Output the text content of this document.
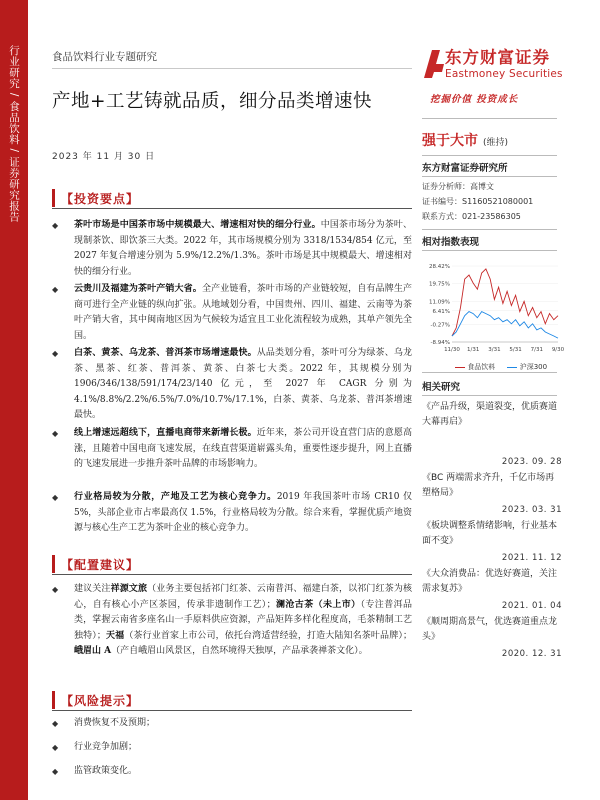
行业研究 / 食品饮料 / 证券研究报告	食品饮料行业专题研究
产地+工艺铸就品质，细分品类增速快
2023 年 11 月 30 日
【投资要点】
◆ 茶叶市场是中国茶市场中规模最大、增速相对快的细分行业。中国茶市场分为茶叶、现制茶饮、即饮茶三大类。2022 年，其市场规模分别为 3318/1534/854 亿元，至 2027 年复合增速分别为 5.9%/12.2%/1.3%。茶叶市场是其中规模最大、增速相对快的细分行业。
◆ 云贵川及福建为茶叶产销大省。全产业链看，茶叶市场的产业链较短，自有品牌生产商可进行全产业链的纵向扩张。从地域划分看，中国贵州、四川、福建、云南等为茶叶产销大省，其中闽南地区因为气候较为适宜且工业化流程较为成熟，其单产领先全国。
◆ 白茶、黄茶、乌龙茶、普洱茶市场增速最快。从品类划分看，茶叶可分为绿茶、乌龙茶、黑茶、红茶、普洱茶、黄茶、白茶七大类。2022 年，其规模分别为 1906/346/138/591/174/23/140 亿元，至 2027 年 CAGR 分别为 4.1%/8.8%/2.2%/6.5%/7.0%/10.7%/17.1%，白茶、黄茶、乌龙茶、普洱茶增速最快。
◆ 线上增速远超线下，直播电商带来新增长极。近年来，茶公司开设直营门店的意愿高涨，且随着中国电商飞速发展，在线直营渠道崭露头角，重要性逐步提升，网上直播的飞速发展进一步推升茶叶品牌的市场影响力。
◆ 行业格局较为分散，产地及工艺为核心竞争力。2019 年我国茶叶市场 CR10 仅 5%，头部企业市占率最高仅 1.5%，行业格局较为分散。综合来看，掌握优质产地资源与核心生产工艺为茶叶企业的核心竞争力。
【配置建议】
◆ 建议关注祥源文旅（业务主要包括祁门红茶、云南普洱、福建白茶，以祁门红茶为核心，自有核心小产区茶园，传承非遗制作工艺）；澜沧古茶（未上市）（专注普洱品类，掌握云南省多座名山一手原料供应资源，产品矩阵多样化程度高，毛茶精制工艺独特）；天福（茶行业首家上市公司，依托台湾适营经验，打造大陆知名茶叶品牌）；峨眉山 A（产自峨眉山风景区，自然环境得天独厚，产品承袭禅茶文化）。
【风险提示】
◆ 消费恢复不及预期；
◆ 行业竞争加剧；
◆ 监管政策变化。
东方财富证券
Eastmoney Securities
挖掘价值 投资成长
强于大市 (维持)
东方财富证券研究所
证券分析师：高博文
证书编号：S1160521080001
联系方式：021-23586305
相对指数表现
28.42%
19.75%
11.09%
6.41%
-0.27%
-8.94%
11/30 1/31 3/31 5/31 7/31 9/30
食品饮料	沪深300
相关研究
《产品升级，渠道裂变，优质赛道大幕再启》
2023. 09. 28
《BC 两端需求齐升，千亿市场再塑格局》
2023. 03. 31
《板块调整系情绪影响，行业基本面不变》
2021. 11. 12
《大众消费品：优选好赛道，关注需求复苏》
2021. 01. 04
《顺周期高景气，优选赛道重点龙头》
2020. 12. 31
